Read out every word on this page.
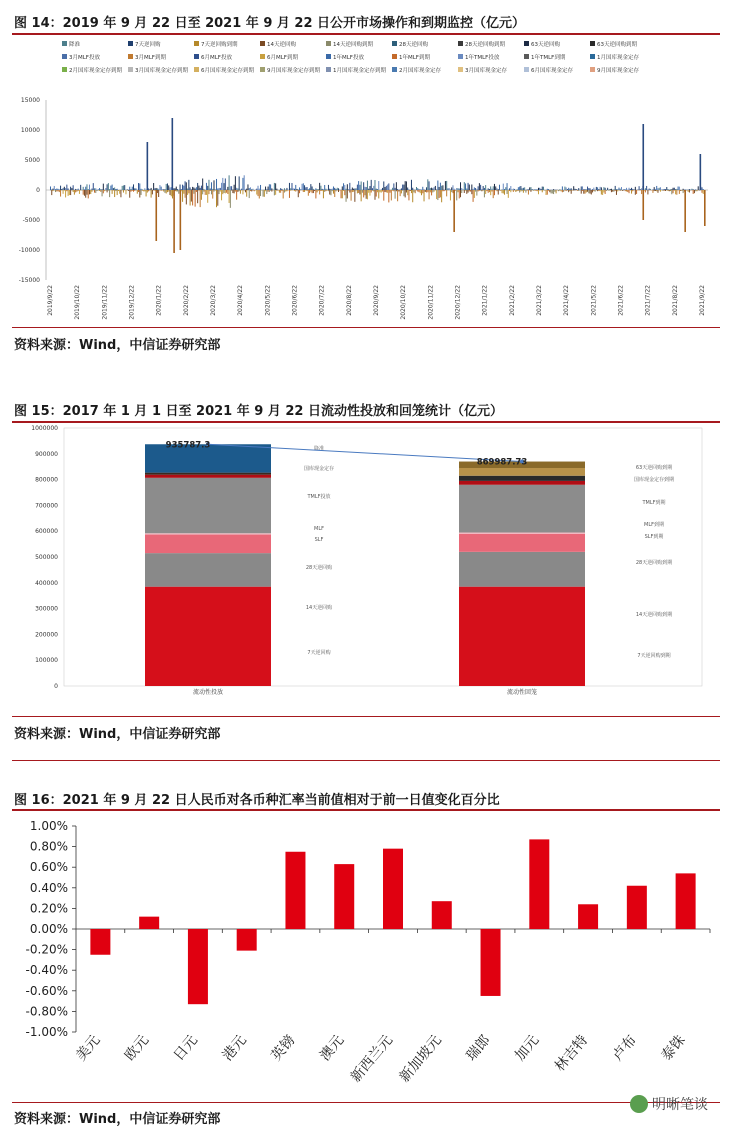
图 14：2019 年 9 月 22 日至 2021 年 9 月 22 日公开市场操作和到期监控（亿元）
降准	7天逆回购	7天逆回购到期	14天逆回购	14天逆回购到期	28天逆回购	28天逆回购到期	63天逆回购	63天逆回购到期
3月MLF投放	3月MLF到期	6月MLF投放	6月MLF到期	1年MLF投放	1年MLF到期	1年TMLF投放	1年TMLF到期	1月国库现金定存
2月国库现金定存到期 3月国库现金定存到期 6月国库现金定存到期 9月国库现金定存到期 1月国库现金定存到期 2月国库现金定存	3月国库现金定存	6月国库现金定存	9月国库现金定存
15000
10000
5000
0
-5000
-10000
-15000
2019/9/22	2019/10/22	2019/11/22	2019/12/22	2020/1/22	2020/2/22	2020/3/22	2020/4/22	2020/5/22	2020/6/22	2020/7/22	2020/8/22	2020/9/22	2020/10/22	2020/11/22	2020/12/22	2021/1/22	2021/2/22	2021/3/22	2021/4/22	2021/5/22	2021/6/22	2021/7/22	2021/8/22	2021/9/22
资料来源：Wind，中信证券研究部
图 15：2017 年 1 月 1 日至 2021 年 9 月 22 日流动性投放和回笼统计（亿元）
1000000
900000
800000
700000
600000
500000
400000
300000
200000
100000
0
流动性投放	流动性回笼
7天逆回购
14天逆回购
28天逆回购
SLF
MLF
TMLF投放
国库现金定存
降准
7天逆回购到期
14天逆回购到期
28天逆回购到期
SLF到期
MLF到期
TMLF到期
国库现金定存到期
63天逆回购到期
935787.3
869987.73
资料来源：Wind，中信证券研究部
图 16：2021 年 9 月 22 日人民币对各币种汇率当前值相对于前一日值变化百分比
1.00%
0.80%
0.60%
0.40%
0.20%
0.00%
-0.20%
-0.40%
-0.60%
-0.80%
-1.00%
美元 欧元 日元 港元 英镑 澳元 新西兰元 新加坡元 瑞郎 加元 林吉特 卢布 泰铢
资料来源：Wind，中信证券研究部
明晰笔谈
